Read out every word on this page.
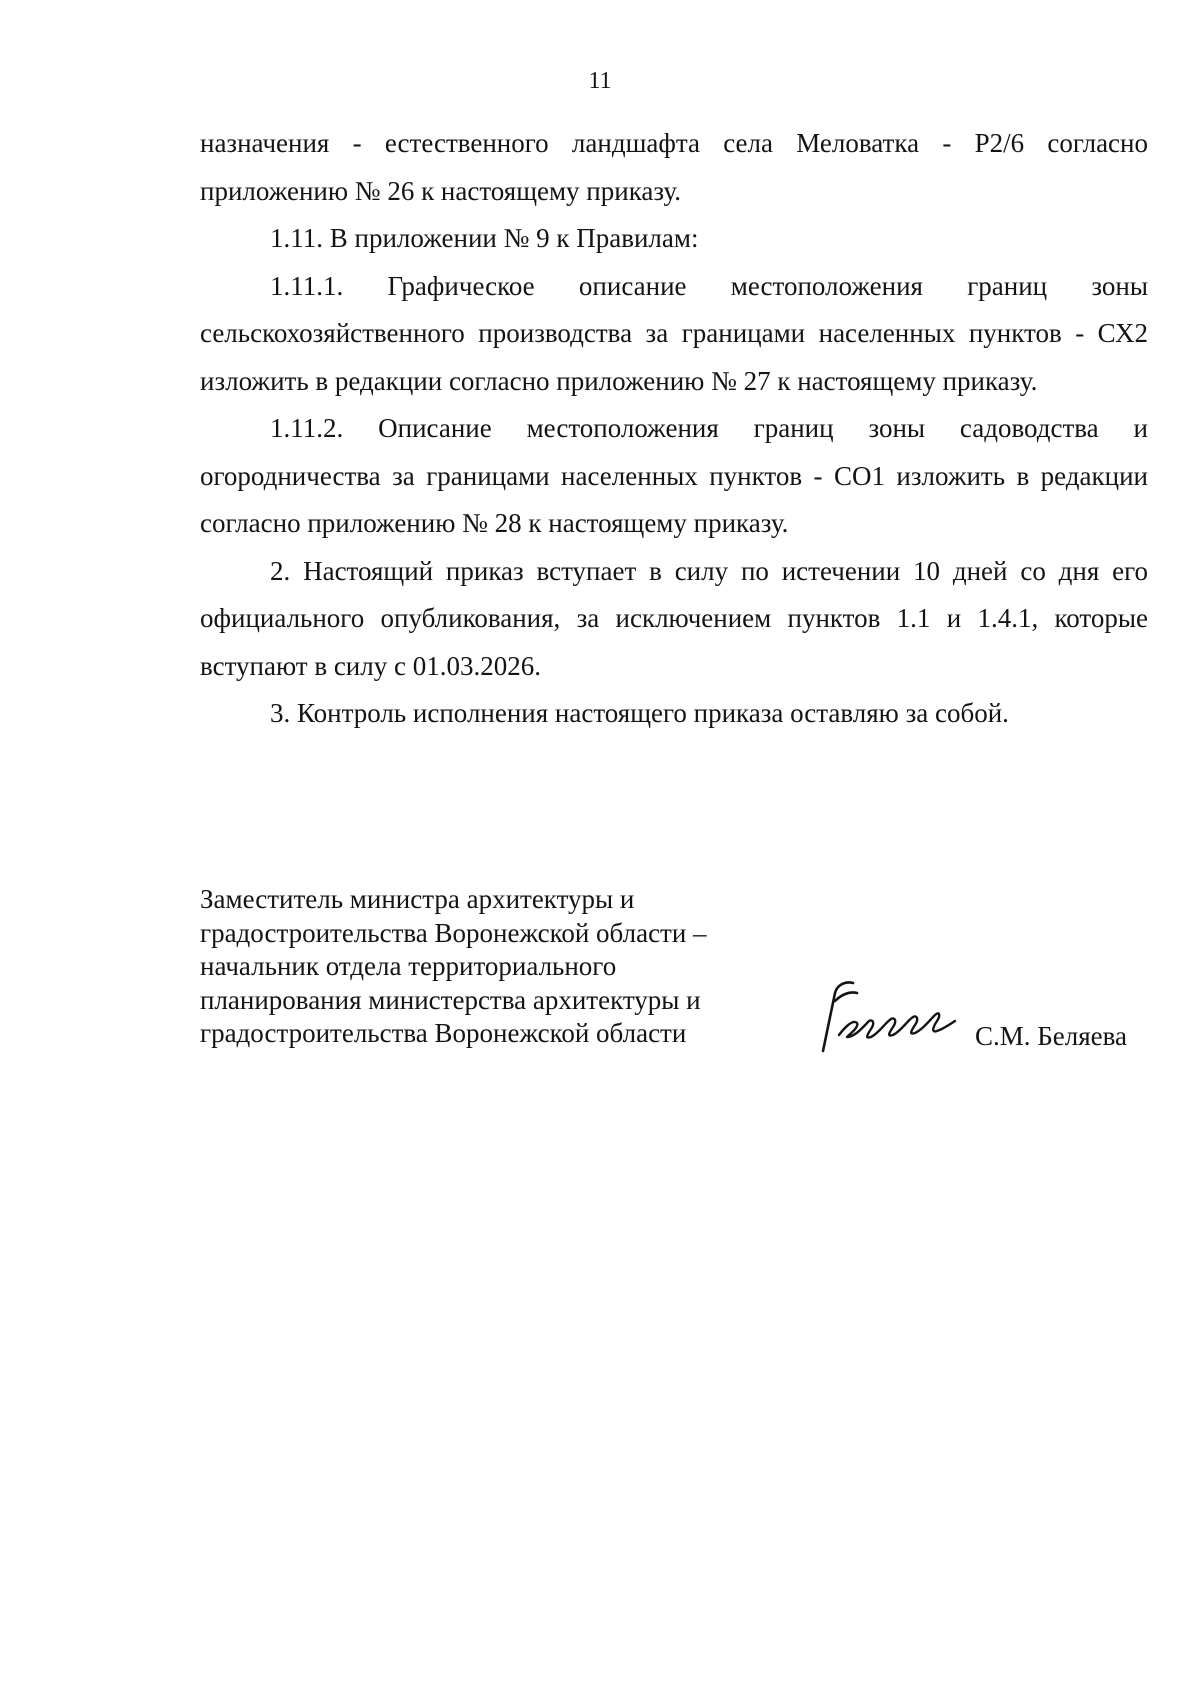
11

назначения - естественного ландшафта села Меловатка - Р2/6 согласно

приложению № 26 к настоящему приказу.

1.11. В приложении № 9 к Правилам:

1.11.1. Графическое описание местоположения границ зоны сельскохозяйственного производства за границами населенных пунктов - СХ2 изложить в редакции согласно приложению № 27 к настоящему приказу.

1.11.2. Описание местоположения границ зоны садоводства и огородничества за границами населенных пунктов - СО1 изложить в редакции согласно приложению № 28 к настоящему приказу.

2. Настоящий приказ вступает в силу по истечении 10 дней со дня его официального опубликования, за исключением пунктов 1.1 и 1.4.1, которые вступают в силу с 01.03.2026.

3. Контроль исполнения настоящего приказа оставляю за собой.

Заместитель министра архитектуры и
градостроительства Воронежской области –
начальник отдела территориального
планирования министерства архитектуры и
градостроительства Воронежской области	С.М. Беляева
